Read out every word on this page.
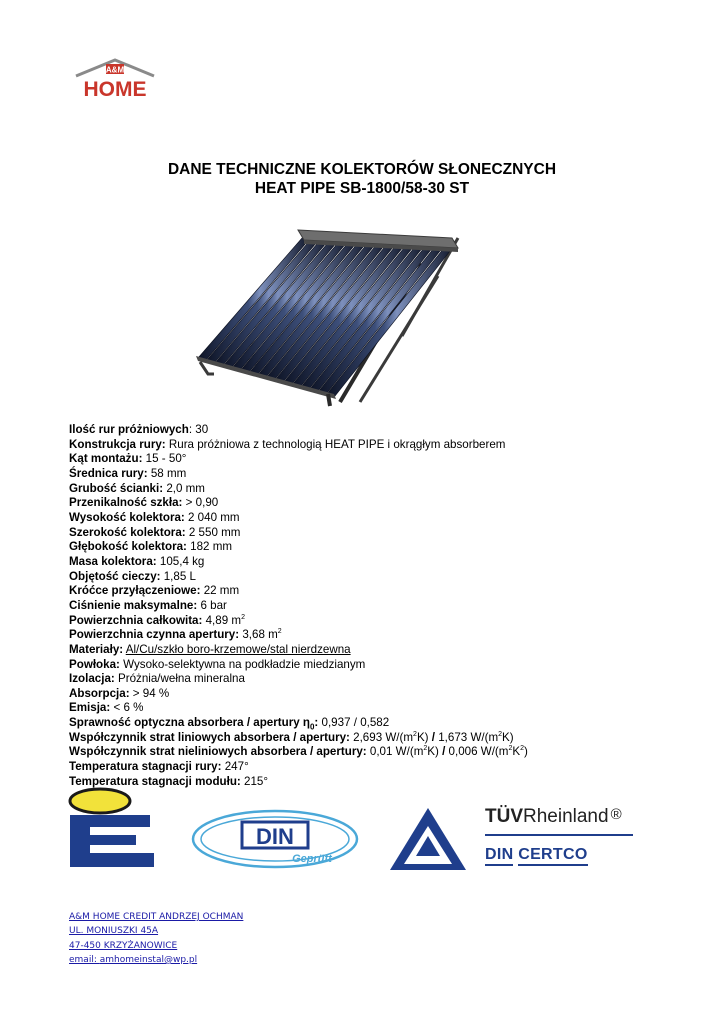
A&M
HOME
DANE TECHNICZNE KOLEKTORÓW SŁONECZNYCH
HEAT PIPE SB-1800/58-30 ST
Ilość rur próżniowych: 30
Konstrukcja rury: Rura próżniowa z technologią HEAT PIPE i okrągłym absorberem
Kąt montażu: 15 - 50°
Średnica rury: 58 mm
Grubość ścianki: 2,0 mm
Przenikalność szkła: > 0,90
Wysokość kolektora: 2 040 mm
Szerokość kolektora: 2 550 mm
Głębokość kolektora: 182 mm
Masa kolektora: 105,4 kg
Objętość cieczy: 1,85 L
Króćce przyłączeniowe: 22 mm
Ciśnienie maksymalne: 6 bar
Powierzchnia całkowita: 4,89 $m^2$
Powierzchnia czynna apertury: 3,68 $m^2$
Materiały: Al/Cu/szkło boro-krzemowe/stal nierdzewna
Powłoka: Wysoko-selektywna na podkładzie miedzianym
Izolacja: Próżnia/wełna mineralna
Absorpcja: > 94 %
Emisja: < 6 %
Sprawność optyczna absorbera / apertury $\eta_0$: 0,937 / 0,582
Współczynnik strat liniowych absorbera / apertury: 2,693 $W/(m^2K) / 1,673$ $W/(m^2K)$
Współczynnik strat nieliniowych absorbera / apertury: 0,01 $W/(m^2K) / 0,006$ $W/(m^2K^2)$
Temperatura stagnacji rury: 247°
Temperatura stagnacji modułu: 215°
DIN
Geprüft
TÜVRheinland ®
DIN CERTCO
A&M HOME CREDIT ANDRZEJ OCHMAN
UL. MONIUSZKI 45A
47-450 KRZYŻANOWICE
email: amhomeinstal@wp.pl
